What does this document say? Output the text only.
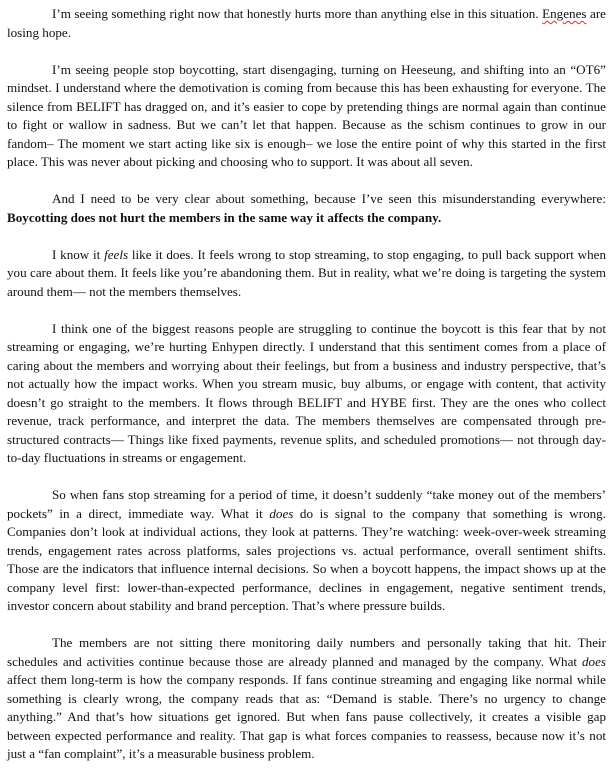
I’m seeing something right now that honestly hurts more than anything else in this situation. Engenes are losing hope.

I’m seeing people stop boycotting, start disengaging, turning on Heeseung, and shifting into an “OT6” mindset. I understand where the demotivation is coming from because this has been exhausting for everyone. The silence from BELIFT has dragged on, and it’s easier to cope by pretending things are normal again than continue to fight or wallow in sadness. But we can’t let that happen. Because as the schism continues to grow in our fandom– The moment we start acting like six is enough– we lose the entire point of why this started in the first place. This was never about picking and choosing who to support. It was about all seven.

And I need to be very clear about something, because I’ve seen this misunderstanding everywhere: Boycotting does not hurt the members in the same way it affects the company.

I know it feels like it does. It feels wrong to stop streaming, to stop engaging, to pull back support when you care about them. It feels like you’re abandoning them. But in reality, what we’re doing is targeting the system around them— not the members themselves.

I think one of the biggest reasons people are struggling to continue the boycott is this fear that by not streaming or engaging, we’re hurting Enhypen directly. I understand that this sentiment comes from a place of caring about the members and worrying about their feelings, but from a business and industry perspective, that’s not actually how the impact works. When you stream music, buy albums, or engage with content, that activity doesn’t go straight to the members. It flows through BELIFT and HYBE first. They are the ones who collect revenue, track performance, and interpret the data. The members themselves are compensated through pre-structured contracts— Things like fixed payments, revenue splits, and scheduled promotions— not through day-to-day fluctuations in streams or engagement.

So when fans stop streaming for a period of time, it doesn’t suddenly “take money out of the members’ pockets” in a direct, immediate way. What it does do is signal to the company that something is wrong. Companies don’t look at individual actions, they look at patterns. They’re watching: week-over-week streaming trends, engagement rates across platforms, sales projections vs. actual performance, overall sentiment shifts. Those are the indicators that influence internal decisions. So when a boycott happens, the impact shows up at the company level first: lower-than-expected performance, declines in engagement, negative sentiment trends, investor concern about stability and brand perception. That’s where pressure builds.

The members are not sitting there monitoring daily numbers and personally taking that hit. Their schedules and activities continue because those are already planned and managed by the company. What does affect them long-term is how the company responds. If fans continue streaming and engaging like normal while something is clearly wrong, the company reads that as: “Demand is stable. There’s no urgency to change anything.” And that’s how situations get ignored. But when fans pause collectively, it creates a visible gap between expected performance and reality. That gap is what forces companies to reassess, because now it’s not just a “fan complaint”, it’s a measurable business problem.
